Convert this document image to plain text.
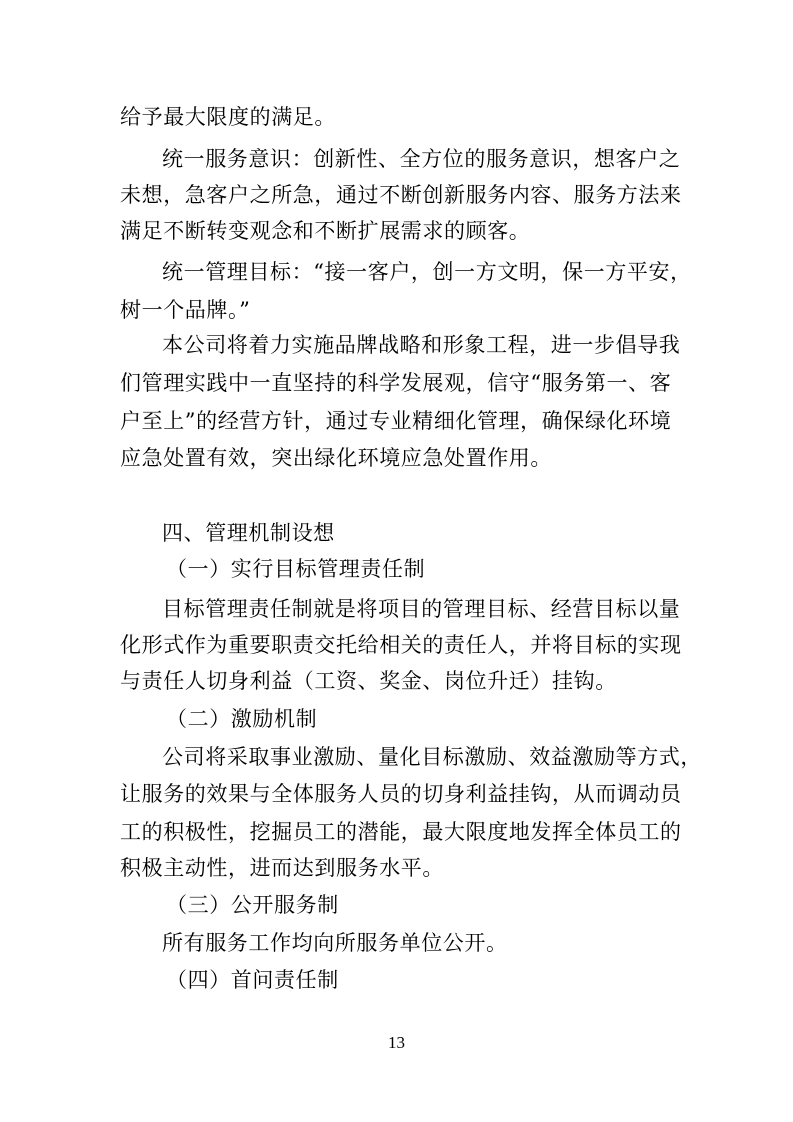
给予最大限度的满足。
统一服务意识：创新性、全方位的服务意识，想客户之
未想，急客户之所急，通过不断创新服务内容、服务方法来
满足不断转变观念和不断扩展需求的顾客。
统一管理目标：“接一客户，创一方文明，保一方平安，
树一个品牌。”
本公司将着力实施品牌战略和形象工程，进一步倡导我
们管理实践中一直坚持的科学发展观，信守“服务第一、客
户至上”的经营方针，通过专业精细化管理，确保绿化环境
应急处置有效，突出绿化环境应急处置作用。
四、管理机制设想
（一）实行目标管理责任制
目标管理责任制就是将项目的管理目标、经营目标以量
化形式作为重要职责交托给相关的责任人，并将目标的实现
与责任人切身利益（工资、奖金、岗位升迁）挂钩。
（二）激励机制
公司将采取事业激励、量化目标激励、效益激励等方式，
让服务的效果与全体服务人员的切身利益挂钩，从而调动员
工的积极性，挖掘员工的潜能，最大限度地发挥全体员工的
积极主动性，进而达到服务水平。
（三）公开服务制
所有服务工作均向所服务单位公开。
（四）首问责任制
13
